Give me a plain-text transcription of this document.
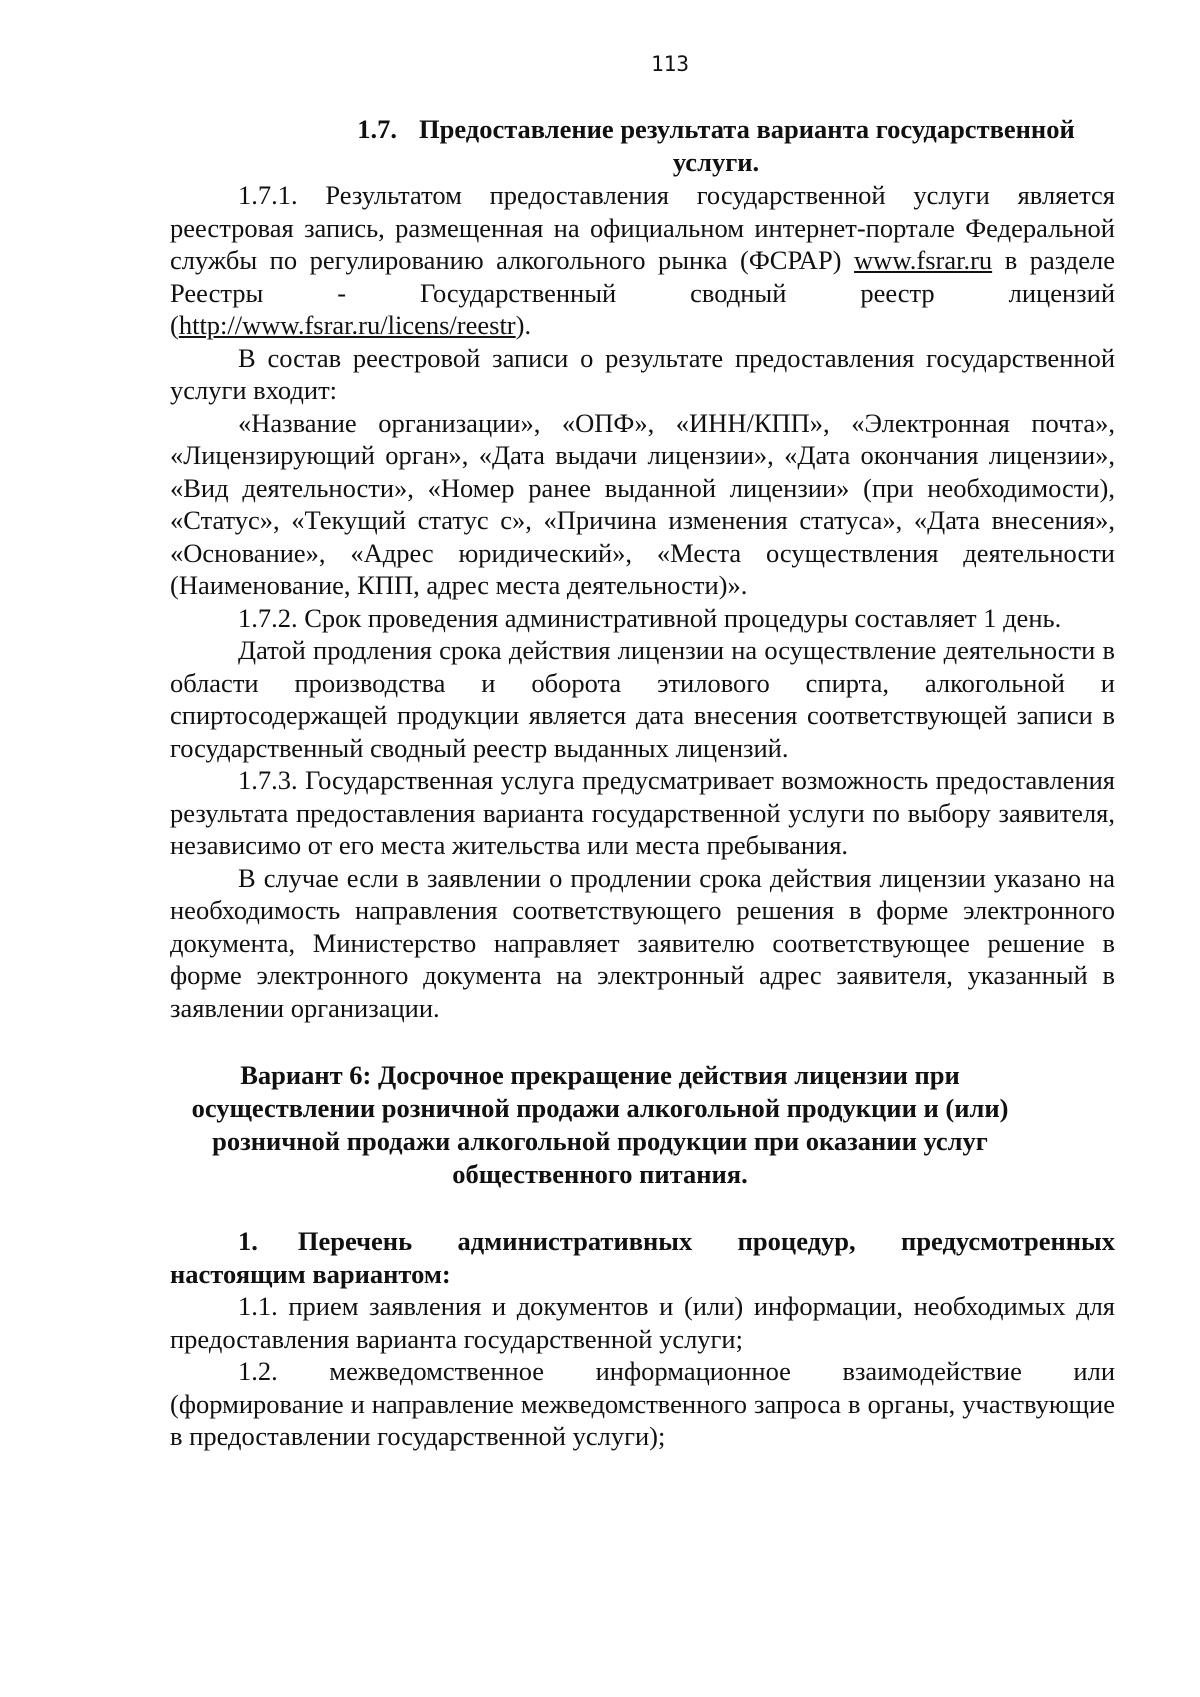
113
1.7. Предоставление результата варианта государственной
услуги.

1.7.1. Результатом предоставления государственной услуги является реестровая запись, размещенная на официальном интернет-портале Федеральной службы по регулированию алкогольного рынка (ФСРАР) www.fsrar.ru в разделе Реестры - Государственный сводный реестр лицензий (http://www.fsrar.ru/licens/reestr).

В состав реестровой записи о результате предоставления государственной услуги входит:

«Название организации», «ОПФ», «ИНН/КПП», «Электронная почта», «Лицензирующий орган», «Дата выдачи лицензии», «Дата окончания лицензии», «Вид деятельности», «Номер ранее выданной лицензии» (при необходимости), «Статус», «Текущий статус с», «Причина изменения статуса», «Дата внесения», «Основание», «Адрес юридический», «Места осуществления деятельности (Наименование, КПП, адрес места деятельности)».

1.7.2. Срок проведения административной процедуры составляет 1 день.

Датой продления срока действия лицензии на осуществление деятельности в области производства и оборота этилового спирта, алкогольной и спиртосодержащей продукции является дата внесения соответствующей записи в государственный сводный реестр выданных лицензий.

1.7.3. Государственная услуга предусматривает возможность предоставления результата предоставления варианта государственной услуги по выбору заявителя, независимо от его места жительства или места пребывания.

В случае если в заявлении о продлении срока действия лицензии указано на необходимость направления соответствующего решения в форме электронного документа, Министерство направляет заявителю соответствующее решение в форме электронного документа на электронный адрес заявителя, указанный в заявлении организации.

Вариант 6: Досрочное прекращение действия лицензии при
осуществлении розничной продажи алкогольной продукции и (или)
розничной продажи алкогольной продукции при оказании услуг
общественного питания.
1. Перечень административных процедур, предусмотренных настоящим вариантом:

1.1. прием заявления и документов и (или) информации, необходимых для предоставления варианта государственной услуги;

1.2. межведомственное информационное взаимодействие или (формирование и направление межведомственного запроса в органы, участвующие в предоставлении государственной услуги);
